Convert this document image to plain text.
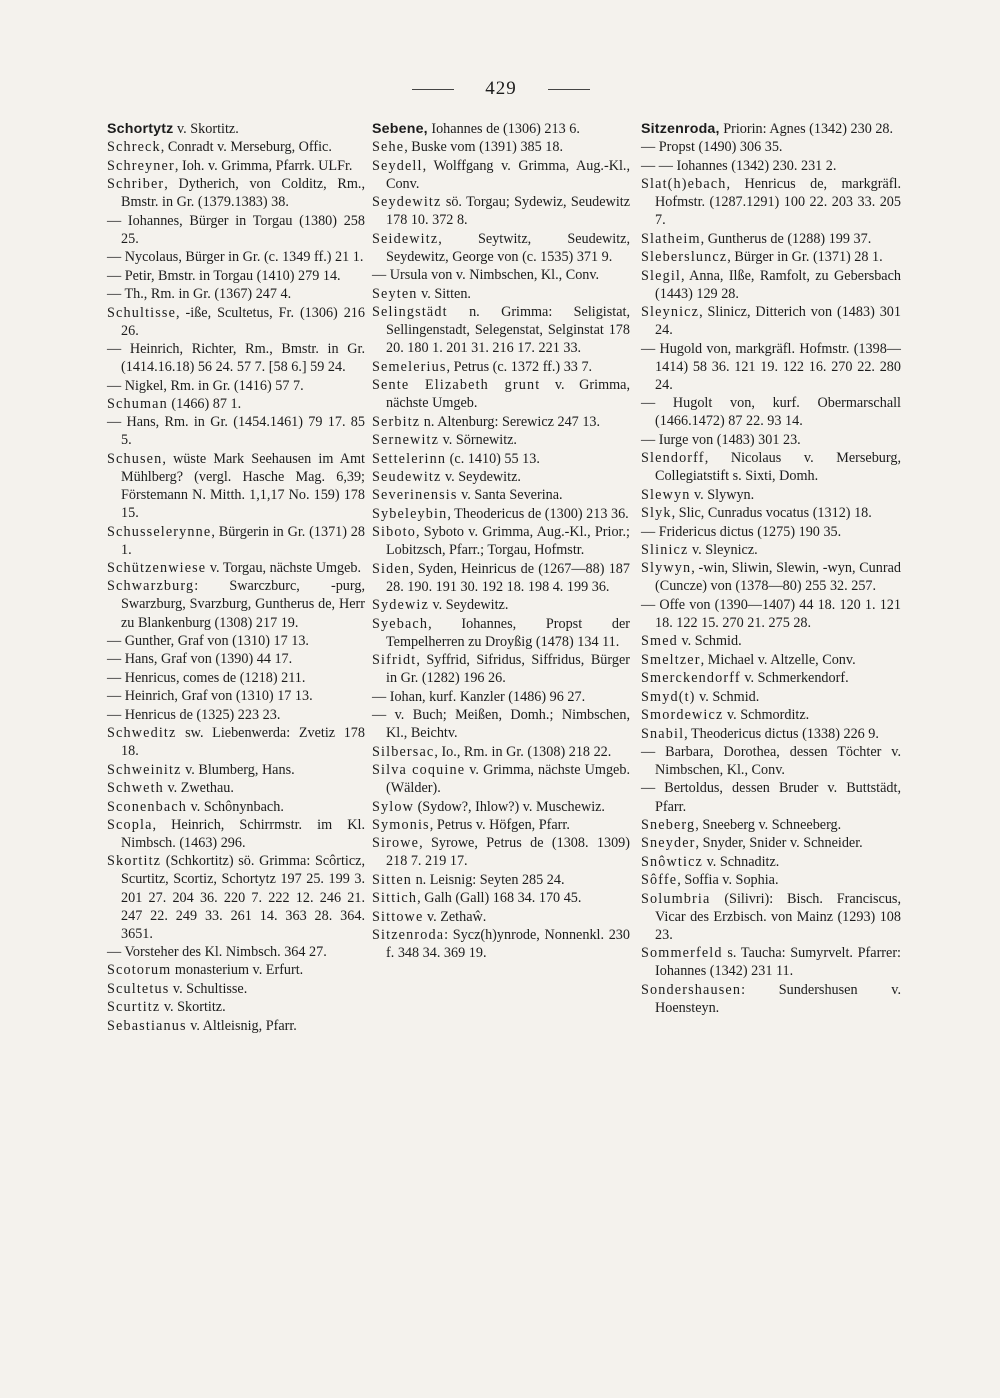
429

Schortytz v. Skortitz.

Schreck, Conradt v. Merseburg, Offic.

Schreyner, Ioh. v. Grimma, Pfarrk. ULFr.

Schriber, Dytherich, von Colditz, Rm., Bmstr. in Gr. (1379.1383) 38.

— Iohannes, Bürger in Torgau (1380) 258 25.

— Nycolaus, Bürger in Gr. (c. 1349 ff.) 21 1.

— Petir, Bmstr. in Torgau (1410) 279 14.

— Th., Rm. in Gr. (1367) 247 4.

Schultisse, -iße, Scultetus, Fr. (1306) 216 26.

— Heinrich, Richter, Rm., Bmstr. in Gr. (1414.16.18) 56 24. 57 7. [58 6.] 59 24.

— Nigkel, Rm. in Gr. (1416) 57 7.

Schuman (1466) 87 1.

— Hans, Rm. in Gr. (1454.1461) 79 17. 85 5.

Schusen, wüste Mark Seehausen im Amt Mühlberg? (vergl. Hasche Mag. 6,39; Förstemann N. Mitth. 1,1,17 No. 159) 178 15.

Schusselerynne, Bürgerin in Gr. (1371) 28 1.

Schützenwiese v. Torgau, nächste Umgeb.

Schwarzburg: Swarczburc, -purg, Swarzburg, Svarzburg, Guntherus de, Herr zu Blankenburg (1308) 217 19.

— Gunther, Graf von (1310) 17 13.

— Hans, Graf von (1390) 44 17.

— Henricus, comes de (1218) 211.

— Heinrich, Graf von (1310) 17 13.

— Henricus de (1325) 223 23.

Schweditz sw. Liebenwerda: Zvetiz 178 18.

Schweinitz v. Blumberg, Hans.

Schweth v. Zwethau.

Sconenbach v. Schônynbach.

Scopla, Heinrich, Schirrmstr. im Kl. Nimbsch. (1463) 296.

Skortitz (Schkortitz) sö. Grimma: Scôrticz, Scurtitz, Scortiz, Schortytz 197 25. 199 3. 201 27. 204 36. 220 7. 222 12. 246 21. 247 22. 249 33. 261 14. 363 28. 364. 3651.

— Vorsteher des Kl. Nimbsch. 364 27.

Scotorum monasterium v. Erfurt.

Scultetus v. Schultisse.

Scurtitz v. Skortitz.

Sebastianus v. Altleisnig, Pfarr.

Sebene, Iohannes de (1306) 213 6.

Sehe, Buske vom (1391) 385 18.

Seydell, Wolffgang v. Grimma, Aug.-Kl., Conv.

Seydewitz sö. Torgau; Sydewiz, Seudewitz 178 10. 372 8.

Seidewitz, Seytwitz, Seudewitz, Seydewitz, George von (c. 1535) 371 9.

— Ursula von v. Nimbschen, Kl., Conv.

Seyten v. Sitten.

Selingstädt n. Grimma: Seligistat, Sellingenstadt, Selegenstat, Selginstat 178 20. 180 1. 201 31. 216 17. 221 33.

Semelerius, Petrus (c. 1372 ff.) 33 7.

Sente Elizabeth grunt v. Grimma, nächste Umgeb.

Serbitz n. Altenburg: Serewicz 247 13.

Sernewitz v. Sörnewitz.

Settelerinn (c. 1410) 55 13.

Seudewitz v. Seydewitz.

Severinensis v. Santa Severina.

Sybeleybin, Theodericus de (1300) 213 36.

Siboto, Syboto v. Grimma, Aug.-Kl., Prior.; Lobitzsch, Pfarr.; Torgau, Hofmstr.

Siden, Syden, Heinricus de (1267—88) 187 28. 190. 191 30. 192 18. 198 4. 199 36.

Sydewiz v. Seydewitz.

Syebach, Iohannes, Propst der Tempelherren zu Droyßig (1478) 134 11.

Sifridt, Syffrid, Sifridus, Siffridus, Bürger in Gr. (1282) 196 26.

— Iohan, kurf. Kanzler (1486) 96 27.

— v. Buch; Meißen, Domh.; Nimbschen, Kl., Beichtv.

Silbersac, Io., Rm. in Gr. (1308) 218 22.

Silva coquine v. Grimma, nächste Umgeb. (Wälder).

Sylow (Sydow?, Ihlow?) v. Muschewiz.

Symonis, Petrus v. Höfgen, Pfarr.

Sirowe, Syrowe, Petrus de (1308. 1309) 218 7. 219 17.

Sitten n. Leisnig: Seyten 285 24.

Sittich, Galh (Gall) 168 34. 170 45.

Sittowe v. Zethaŵ.

Sitzenroda: Sycz(h)ynrode, Nonnenkl. 230 f. 348 34. 369 19.

Sitzenroda, Priorin: Agnes (1342) 230 28.

— Propst (1490) 306 35.

— — Iohannes (1342) 230. 231 2.

Slat(h)ebach, Henricus de, markgräfl. Hofmstr. (1287.1291) 100 22. 203 33. 205 7.

Slatheim, Guntherus de (1288) 199 37.

Slebersluncz, Bürger in Gr. (1371) 28 1.

Slegil, Anna, Ilße, Ramfolt, zu Gebersbach (1443) 129 28.

Sleynicz, Slinicz, Ditterich von (1483) 301 24.

— Hugold von, markgräfl. Hofmstr. (1398—1414) 58 36. 121 19. 122 16. 270 22. 280 24.

— Hugolt von, kurf. Obermarschall (1466.1472) 87 22. 93 14.

— Iurge von (1483) 301 23.

Slendorff, Nicolaus v. Merseburg, Collegiatstift s. Sixti, Domh.

Slewyn v. Slywyn.

Slyk, Slic, Cunradus vocatus (1312) 18.

— Fridericus dictus (1275) 190 35.

Slinicz v. Sleynicz.

Slywyn, -win, Sliwin, Slewin, -wyn, Cunrad (Cuncze) von (1378—80) 255 32. 257.

— Offe von (1390—1407) 44 18. 120 1. 121 18. 122 15. 270 21. 275 28.

Smed v. Schmid.

Smeltzer, Michael v. Altzelle, Conv.

Smerckendorff v. Schmerkendorf.

Smyd(t) v. Schmid.

Smordewicz v. Schmorditz.

Snabil, Theodericus dictus (1338) 226 9.

— Barbara, Dorothea, dessen Töchter v. Nimbschen, Kl., Conv.

— Bertoldus, dessen Bruder v. Buttstädt, Pfarr.

Sneberg, Sneeberg v. Schneeberg.

Sneyder, Snyder, Snider v. Schneider.

Snôwticz v. Schnaditz.

Sôffe, Soffia v. Sophia.

Solumbria (Silivri): Bisch. Franciscus, Vicar des Erzbisch. von Mainz (1293) 108 23.

Sommerfeld s. Taucha: Sumyrvelt. Pfarrer: Iohannes (1342) 231 11.

Sondershausen: Sundershusen v. Hoensteyn.
